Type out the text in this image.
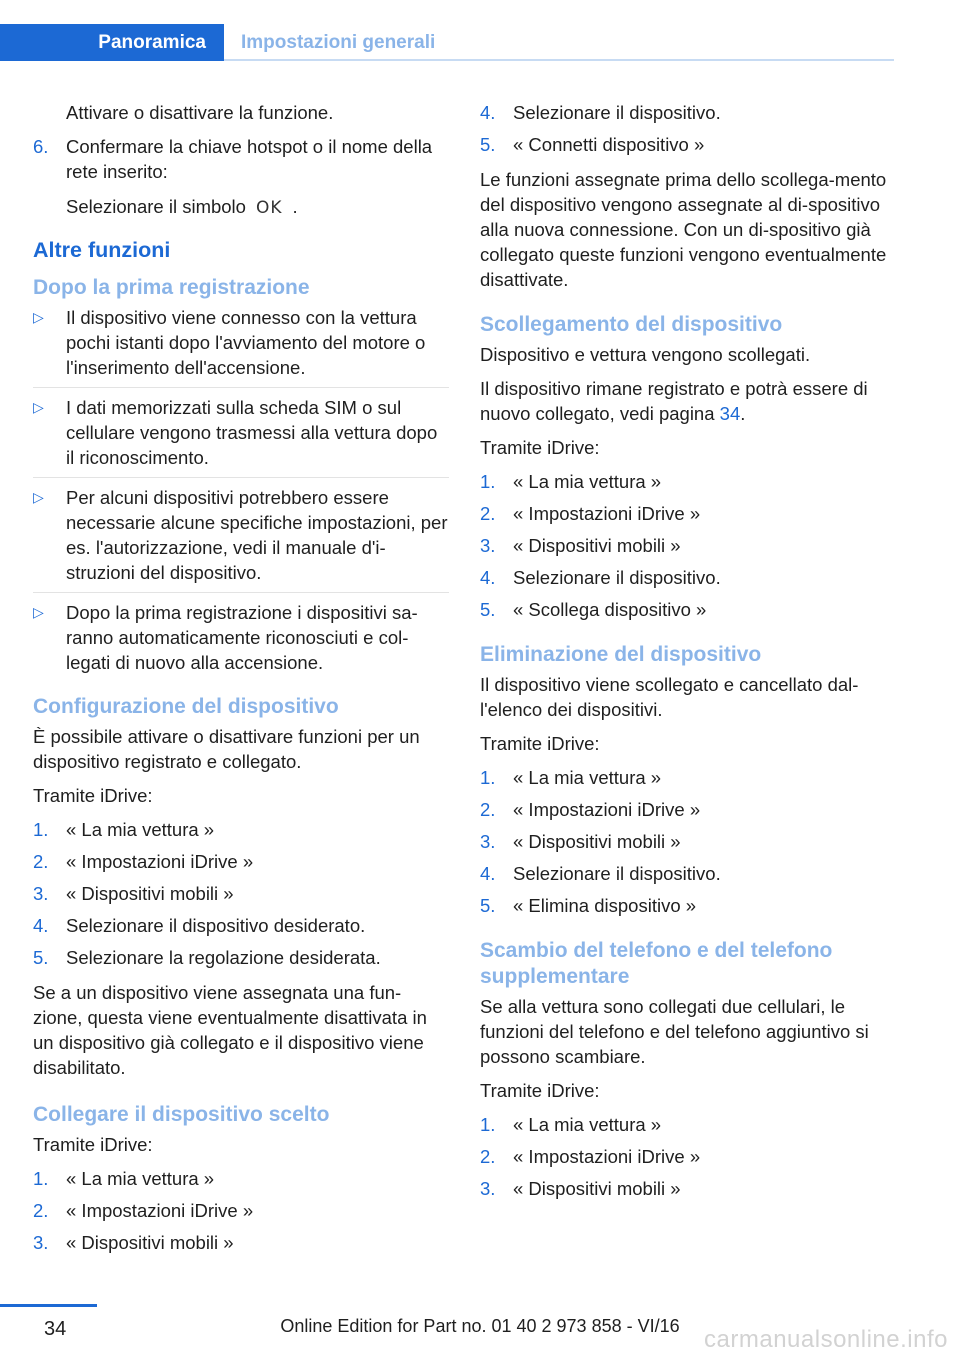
Panoramica	Impostazioni generali

Attivare o disattivare la funzione.

6. Confermare la chiave hotspot o il nome della rete inserito:

Selezionare il simbolo OK .

Altre funzioni
Dopo la prima registrazione
▷	Il dispositivo viene connesso con la vettura pochi istanti dopo l'avviamento del motore o l'inserimento dell'accensione.
▷	I dati memorizzati sulla scheda SIM o sul cellulare vengono trasmessi alla vettura dopo il riconoscimento.
▷	Per alcuni dispositivi potrebbero essere necessarie alcune specifiche impostazioni, per es. l'autorizzazione, vedi il manuale d'i‐struzioni del dispositivo.
▷	Dopo la prima registrazione i dispositivi sa‐ranno automaticamente riconosciuti e col‐legati di nuovo alla accensione.
Configurazione del dispositivo

È possibile attivare o disattivare funzioni per un dispositivo registrato e collegato.

Tramite iDrive:

1. « La mia vettura »
2. « Impostazioni iDrive »
3. « Dispositivi mobili »
4. Selezionare il dispositivo desiderato.
5. Selezionare la regolazione desiderata.

Se a un dispositivo viene assegnata una fun‐zione, questa viene eventualmente disattivata in un dispositivo già collegato e il dispositivo viene disabilitato.

Collegare il dispositivo scelto

Tramite iDrive:

1. « La mia vettura »
2. « Impostazioni iDrive »
3. « Dispositivi mobili »
4. Selezionare il dispositivo.
5. « Connetti dispositivo »

Le funzioni assegnate prima dello scollega‐mento del dispositivo vengono assegnate al di‐spositivo alla nuova connessione. Con un di‐spositivo già collegato queste funzioni vengono eventualmente disattivate.

Scollegamento del dispositivo

Dispositivo e vettura vengono scollegati.

Il dispositivo rimane registrato e potrà essere di nuovo collegato, vedi pagina 34.

Tramite iDrive:

1. « La mia vettura »
2. « Impostazioni iDrive »
3. « Dispositivi mobili »
4. Selezionare il dispositivo.
5. « Scollega dispositivo »
Eliminazione del dispositivo

Il dispositivo viene scollegato e cancellato dal‐l'elenco dei dispositivi.

Tramite iDrive:

1. « La mia vettura »
2. « Impostazioni iDrive »
3. « Dispositivi mobili »
4. Selezionare il dispositivo.
5. « Elimina dispositivo »
Scambio del telefono e del telefono supplementare

Se alla vettura sono collegati due cellulari, le funzioni del telefono e del telefono aggiuntivo si possono scambiare.

Tramite iDrive:

1. « La mia vettura »
2. « Impostazioni iDrive »
3. « Dispositivi mobili »
34	Online Edition for Part no. 01 40 2 973 858 - VI/16	carmanualsonline.info
